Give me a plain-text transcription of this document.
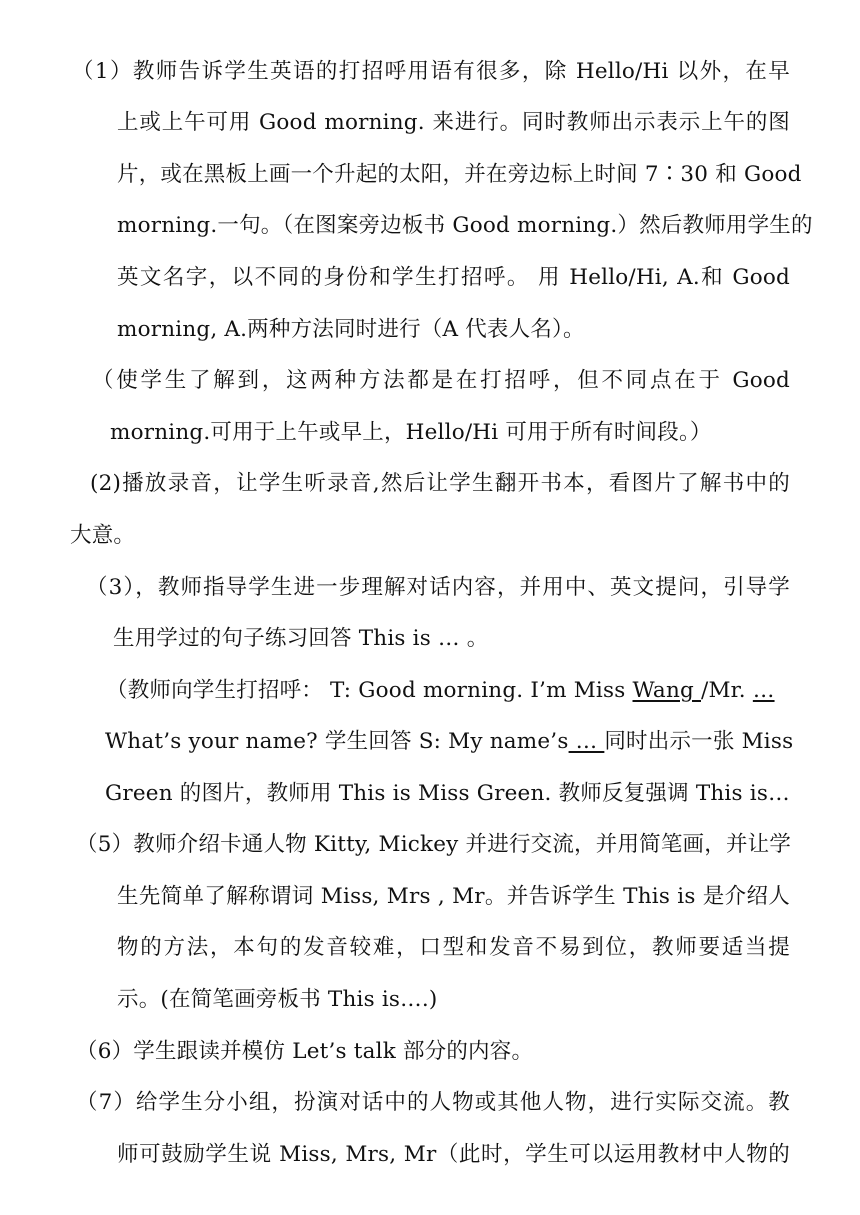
（1）教师告诉学生英语的打招呼用语有很多，除 Hello/Hi 以外，在早
上或上午可用 Good morning. 来进行。同时教师出示表示上午的图
片，或在黑板上画一个升起的太阳，并在旁边标上时间 7∶30 和 Good
morning.一句。（在图案旁边板书 Good morning.）然后教师用学生的
英文名字，以不同的身份和学生打招呼。 用 Hello/Hi, A.和 Good
morning, A.两种方法同时进行（A 代表人名）。
（使学生了解到，这两种方法都是在打招呼，但不同点在于 Good
morning.可用于上午或早上，Hello/Hi 可用于所有时间段。）
(2)播放录音，让学生听录音,然后让学生翻开书本，看图片了解书中的
大意。
（3），教师指导学生进一步理解对话内容，并用中、英文提问，引导学
生用学过的句子练习回答 This is … 。
（教师向学生打招呼： T: Good morning. I’m Miss Wang /Mr. …
What’s your name? 学生回答 S: My name’s … 同时出示一张 Miss
Green 的图片，教师用 This is Miss Green. 教师反复强调 This is…
（5）教师介绍卡通人物 Kitty, Mickey 并进行交流，并用简笔画，并让学
生先简单了解称谓词 Miss, Mrs , Mr。并告诉学生 This is 是介绍人
物的方法，本句的发音较难，口型和发音不易到位，教师要适当提
示。(在简笔画旁板书 This is….)
（6）学生跟读并模仿 Let’s talk 部分的内容。
（7）给学生分小组，扮演对话中的人物或其他人物，进行实际交流。教
师可鼓励学生说 Miss, Mrs, Mr（此时，学生可以运用教材中人物的
